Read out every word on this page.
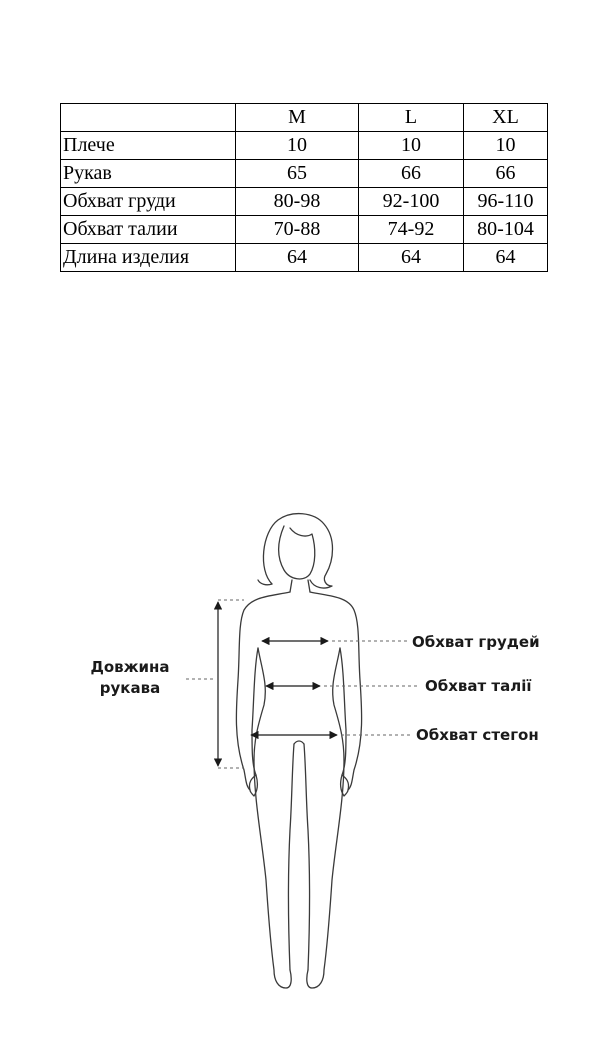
	M	L	XL
Плече	10	10	10
Рукав	65	66	66
Обхват груди	80-98	92-100	96-110
Обхват талии	70-88	74-92	80-104
Длина изделия	64	64	64
Довжина
рукава
Обхват грудей
Обхват талії
Обхват стегон
